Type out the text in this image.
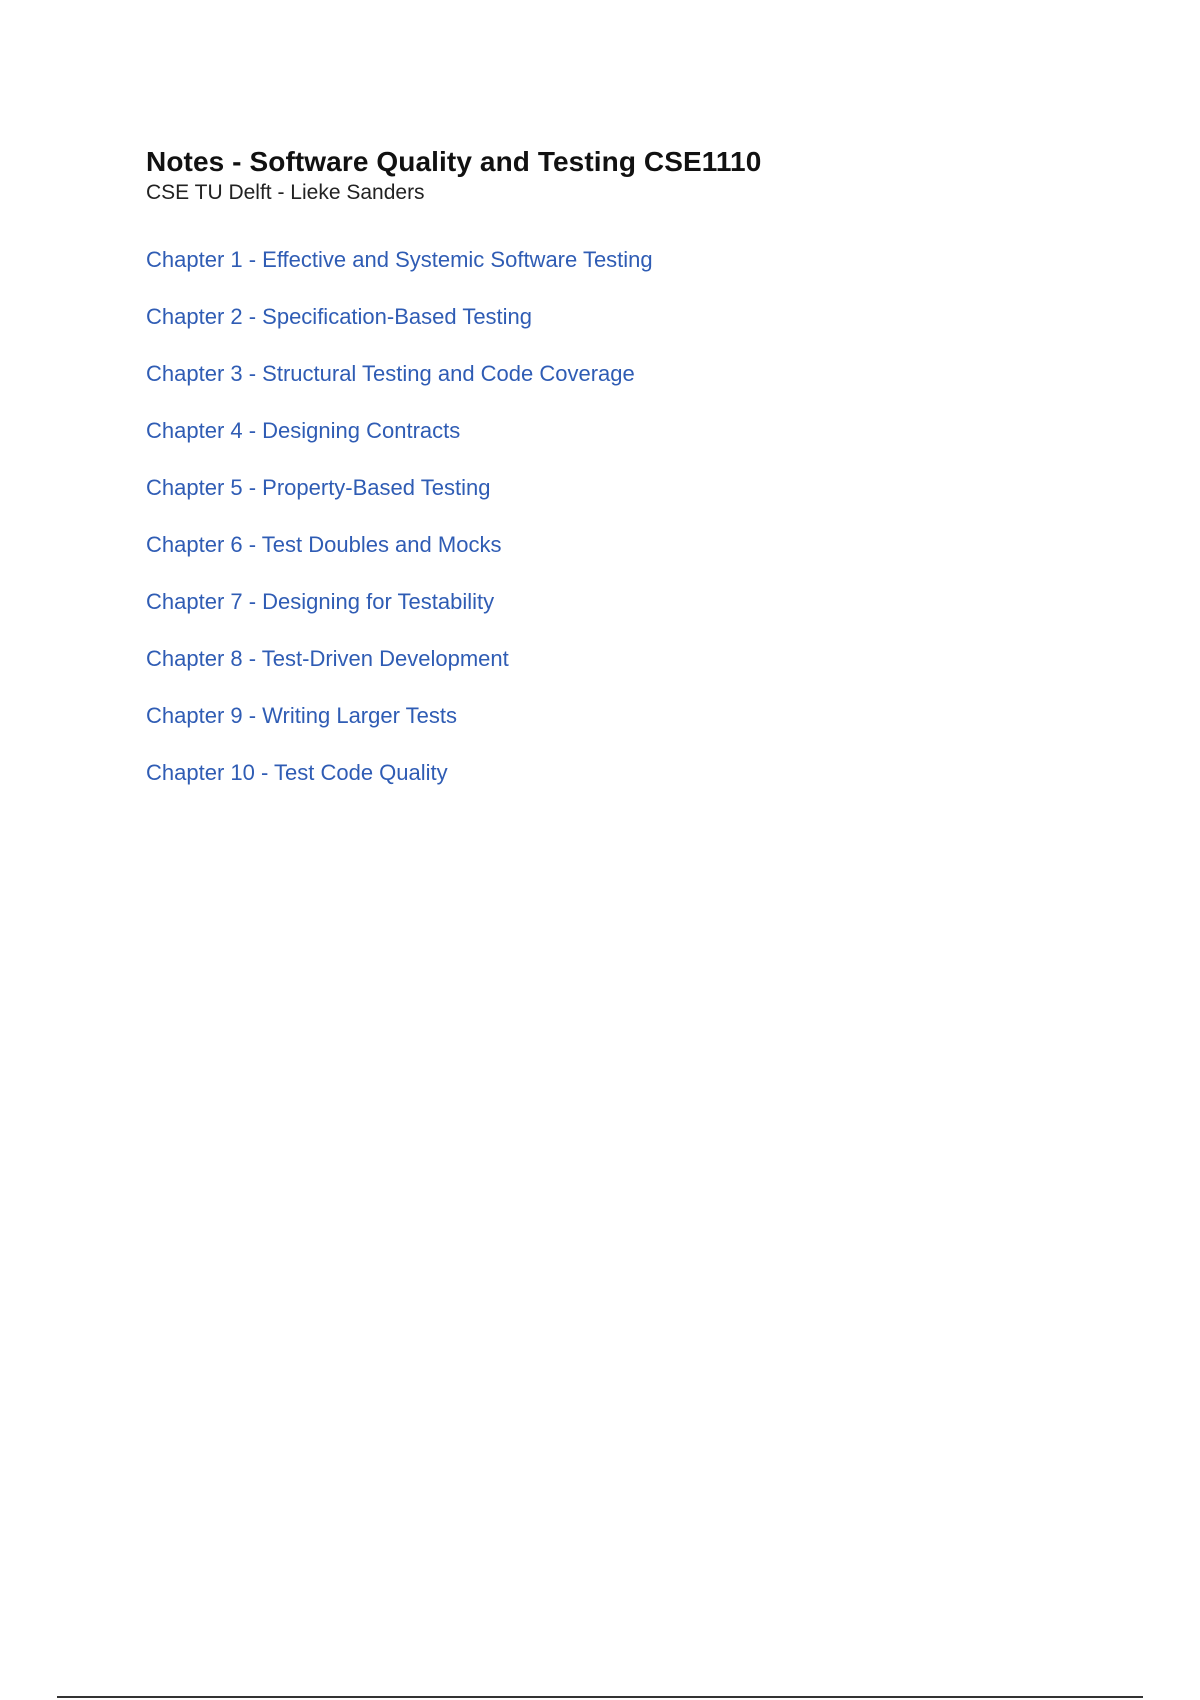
Notes - Software Quality and Testing CSE1110
CSE TU Delft - Lieke Sanders
Chapter 1 - Effective and Systemic Software Testing
Chapter 2 - Specification-Based Testing
Chapter 3 - Structural Testing and Code Coverage
Chapter 4 - Designing Contracts
Chapter 5 - Property-Based Testing
Chapter 6 - Test Doubles and Mocks
Chapter 7 - Designing for Testability
Chapter 8 - Test-Driven Development
Chapter 9 - Writing Larger Tests
Chapter 10 - Test Code Quality
